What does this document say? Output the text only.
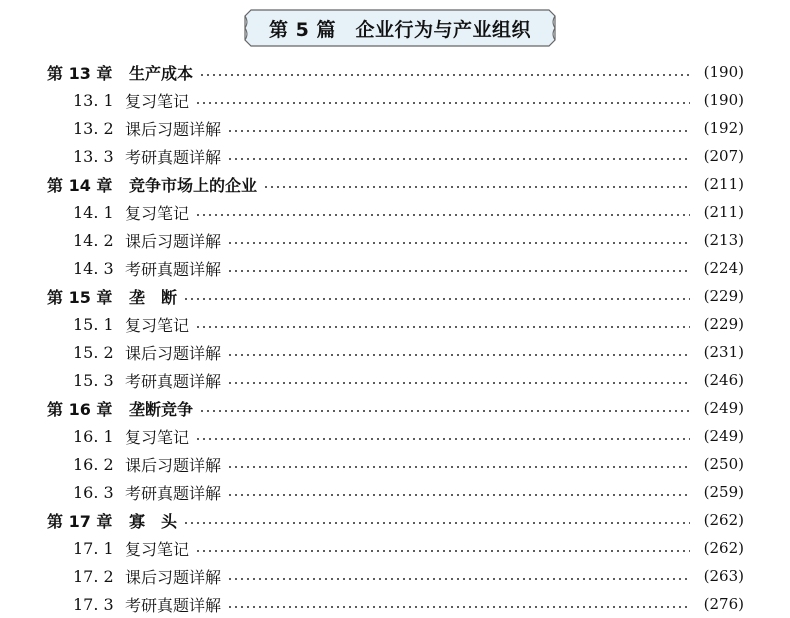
第 5 篇　企业行为与产业组织
第 13 章	生产成本	(190)
13. 1 复习笔记	(190)
13. 2 课后习题详解	(192)
13. 3 考研真题详解	(207)
第 14 章	竞争市场上的企业	(211)
14. 1 复习笔记	(211)
14. 2 课后习题详解	(213)
14. 3 考研真题详解	(224)
第 15 章	垄　断	(229)
15. 1 复习笔记	(229)
15. 2 课后习题详解	(231)
15. 3 考研真题详解	(246)
第 16 章	垄断竞争	(249)
16. 1 复习笔记	(249)
16. 2 课后习题详解	(250)
16. 3 考研真题详解	(259)
第 17 章	寡　头	(262)
17. 1 复习笔记	(262)
17. 2 课后习题详解	(263)
17. 3 考研真题详解	(276)
